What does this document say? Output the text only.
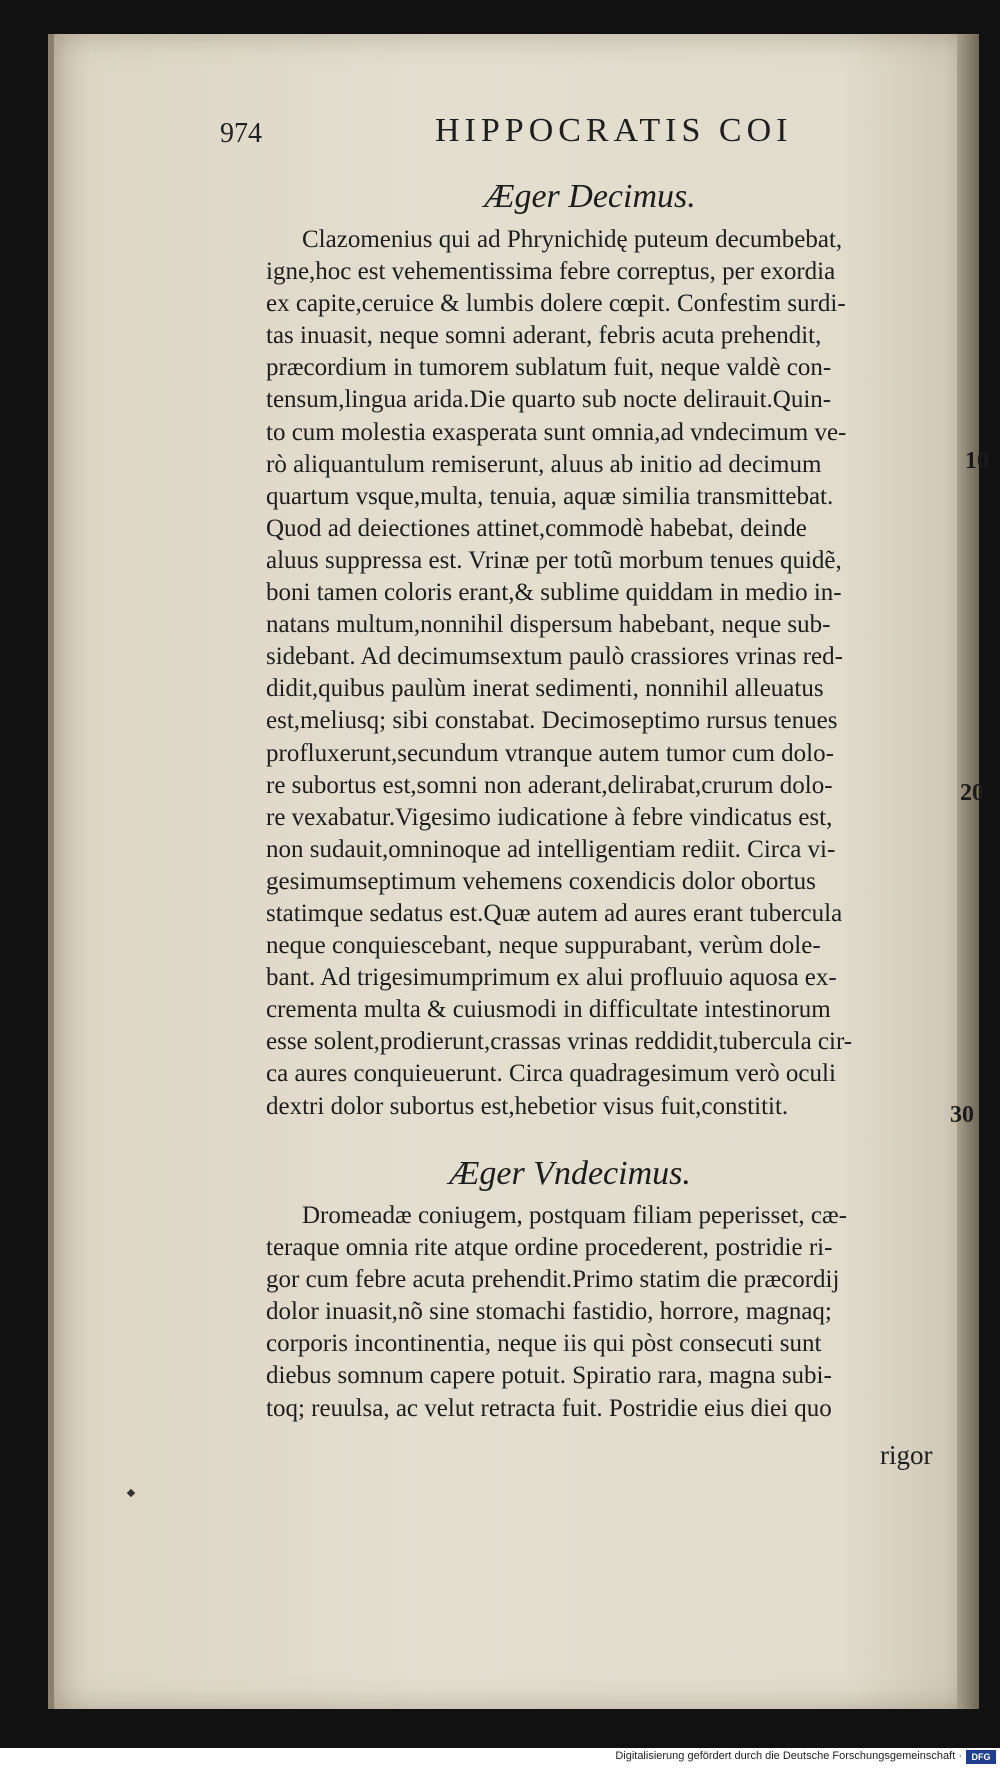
974	HIPPOCRATIS COI
Æger Decimus.
Clazomenius qui ad Phrynichidę puteum decumbebat,
igne,hoc est vehementissima febre correptus, per exordia
ex capite,ceruice & lumbis dolere cœpit. Confestim surdi-
tas inuasit, neque somni aderant, febris acuta prehendit,
præcordium in tumorem sublatum fuit, neque valdè con-
tensum,lingua arida.Die quarto sub nocte delirauit.Quin-
to cum molestia exasperata sunt omnia,ad vndecimum ve-
rò aliquantulum remiserunt, aluus ab initio ad decimum
quartum vsque,multa, tenuia, aquæ similia transmittebat.
Quod ad deiectiones attinet,commodè habebat, deinde
aluus suppressa est. Vrinæ per totũ morbum tenues quidẽ,
boni tamen coloris erant,& sublime quiddam in medio in-
natans multum,nonnihil dispersum habebant, neque sub-
sidebant. Ad decimumsextum paulò crassiores vrinas red-
didit,quibus paulùm inerat sedimenti, nonnihil alleuatus
est,meliusq; sibi constabat. Decimoseptimo rursus tenues
profluxerunt,secundum vtranque autem tumor cum dolo-
re subortus est,somni non aderant,delirabat,crurum dolo-
re vexabatur.Vigesimo iudicatione à febre vindicatus est,
non sudauit,omninoque ad intelligentiam rediit. Circa vi-
gesimumseptimum vehemens coxendicis dolor obortus
statimque sedatus est.Quæ autem ad aures erant tubercula
neque conquiescebant, neque suppurabant, verùm dole-
bant. Ad trigesimumprimum ex alui profluuio aquosa ex-
crementa multa & cuiusmodi in difficultate intestinorum
esse solent,prodierunt,crassas vrinas reddidit,tubercula cir-
ca aures conquieuerunt. Circa quadragesimum verò oculi
dextri dolor subortus est,hebetior visus fuit,constitit.
Æger Vndecimus.
Dromeadæ coniugem, postquam filiam peperisset, cæ-
teraque omnia rite atque ordine procederent, postridie ri-
gor cum febre acuta prehendit.Primo statim die præcordij
dolor inuasit,nõ sine stomachi fastidio, horrore, magnaq;
corporis incontinentia, neque iis qui pòst consecuti sunt
diebus somnum capere potuit. Spiratio rara, magna subi-
toq; reuulsa, ac velut retracta fuit. Postridie eius diei quo
rigor
10
20
30
Digitalisierung gefördert durch die Deutsche Forschungsgemeinschaft ·	DFG
